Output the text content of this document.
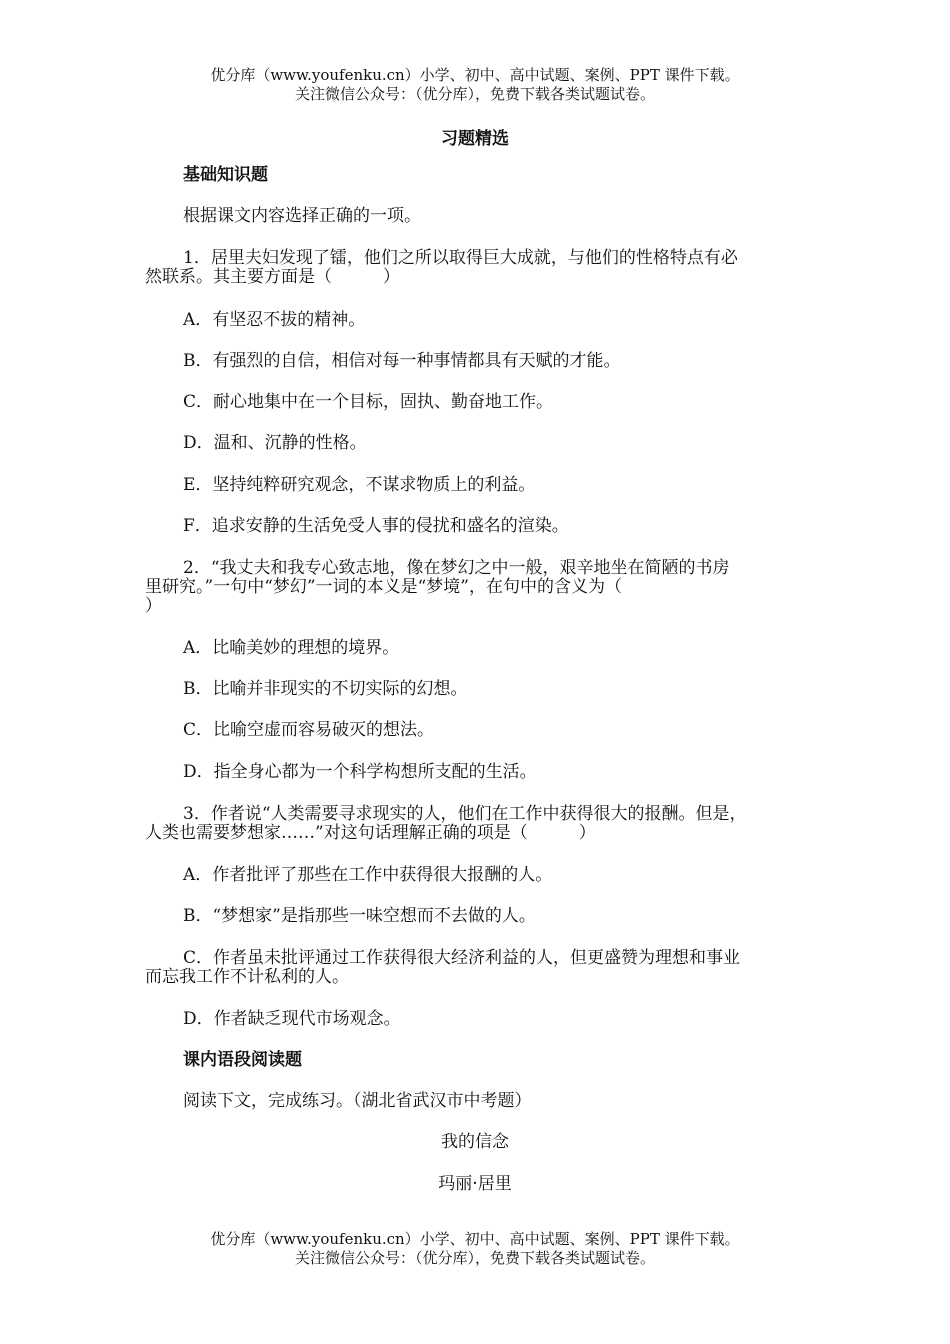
优分库（www.youfenku.cn）小学、初中、高中试题、案例、PPT 课件下载。
关注微信公众号：（优分库），免费下载各类试题试卷。
习题精选
基础知识题
根据课文内容选择正确的一项。
1．居里夫妇发现了镭，他们之所以取得巨大成就，与他们的性格特点有必
然联系。其主要方面是（　　　）
A．有坚忍不拔的精神。
B．有强烈的自信，相信对每一种事情都具有天赋的才能。
C．耐心地集中在一个目标，固执、勤奋地工作。
D．温和、沉静的性格。
E．坚持纯粹研究观念，不谋求物质上的利益。
F．追求安静的生活免受人事的侵扰和盛名的渲染。
2．“我丈夫和我专心致志地，像在梦幻之中一般，艰辛地坐在简陋的书房
里研究。”一句中“梦幻”一词的本义是“梦境”，在句中的含义为（
）
A．比喻美妙的理想的境界。
B．比喻并非现实的不切实际的幻想。
C．比喻空虚而容易破灭的想法。
D．指全身心都为一个科学构想所支配的生活。
3．作者说“人类需要寻求现实的人，他们在工作中获得很大的报酬。但是，
人类也需要梦想家……”对这句话理解正确的项是（　　　）
A．作者批评了那些在工作中获得很大报酬的人。
B．“梦想家”是指那些一味空想而不去做的人。
C．作者虽未批评通过工作获得很大经济利益的人，但更盛赞为理想和事业
而忘我工作不计私利的人。
D．作者缺乏现代市场观念。
课内语段阅读题
阅读下文，完成练习。（湖北省武汉市中考题）
我的信念
玛丽·居里
优分库（www.youfenku.cn）小学、初中、高中试题、案例、PPT 课件下载。
关注微信公众号：（优分库），免费下载各类试题试卷。
